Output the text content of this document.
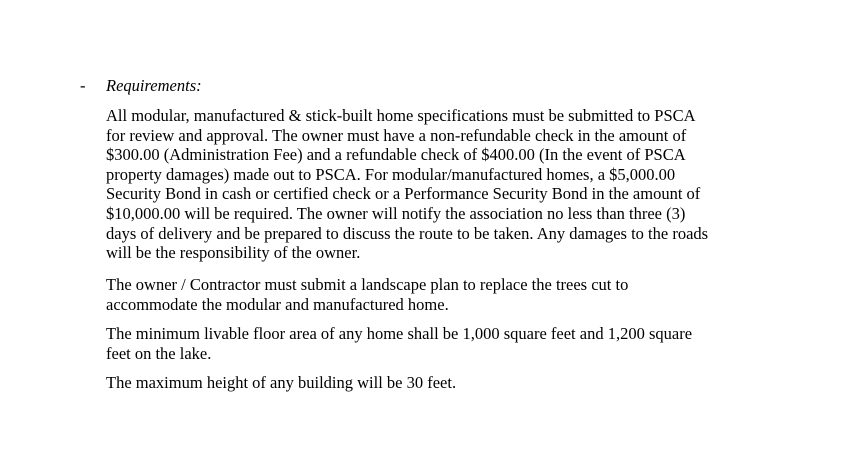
- Requirements:

All modular, manufactured & stick-built home specifications must be submitted to PSCA
for review and approval. The owner must have a non-refundable check in the amount of
$300.00 (Administration Fee) and a refundable check of $400.00 (In the event of PSCA
property damages) made out to PSCA. For modular/manufactured homes, a $5,000.00
Security Bond in cash or certified check or a Performance Security Bond in the amount of
$10,000.00 will be required. The owner will notify the association no less than three (3)
days of delivery and be prepared to discuss the route to be taken. Any damages to the roads
will be the responsibility of the owner.

The owner / Contractor must submit a landscape plan to replace the trees cut to
accommodate the modular and manufactured home.

The minimum livable floor area of any home shall be 1,000 square feet and 1,200 square
feet on the lake.

The maximum height of any building will be 30 feet.
